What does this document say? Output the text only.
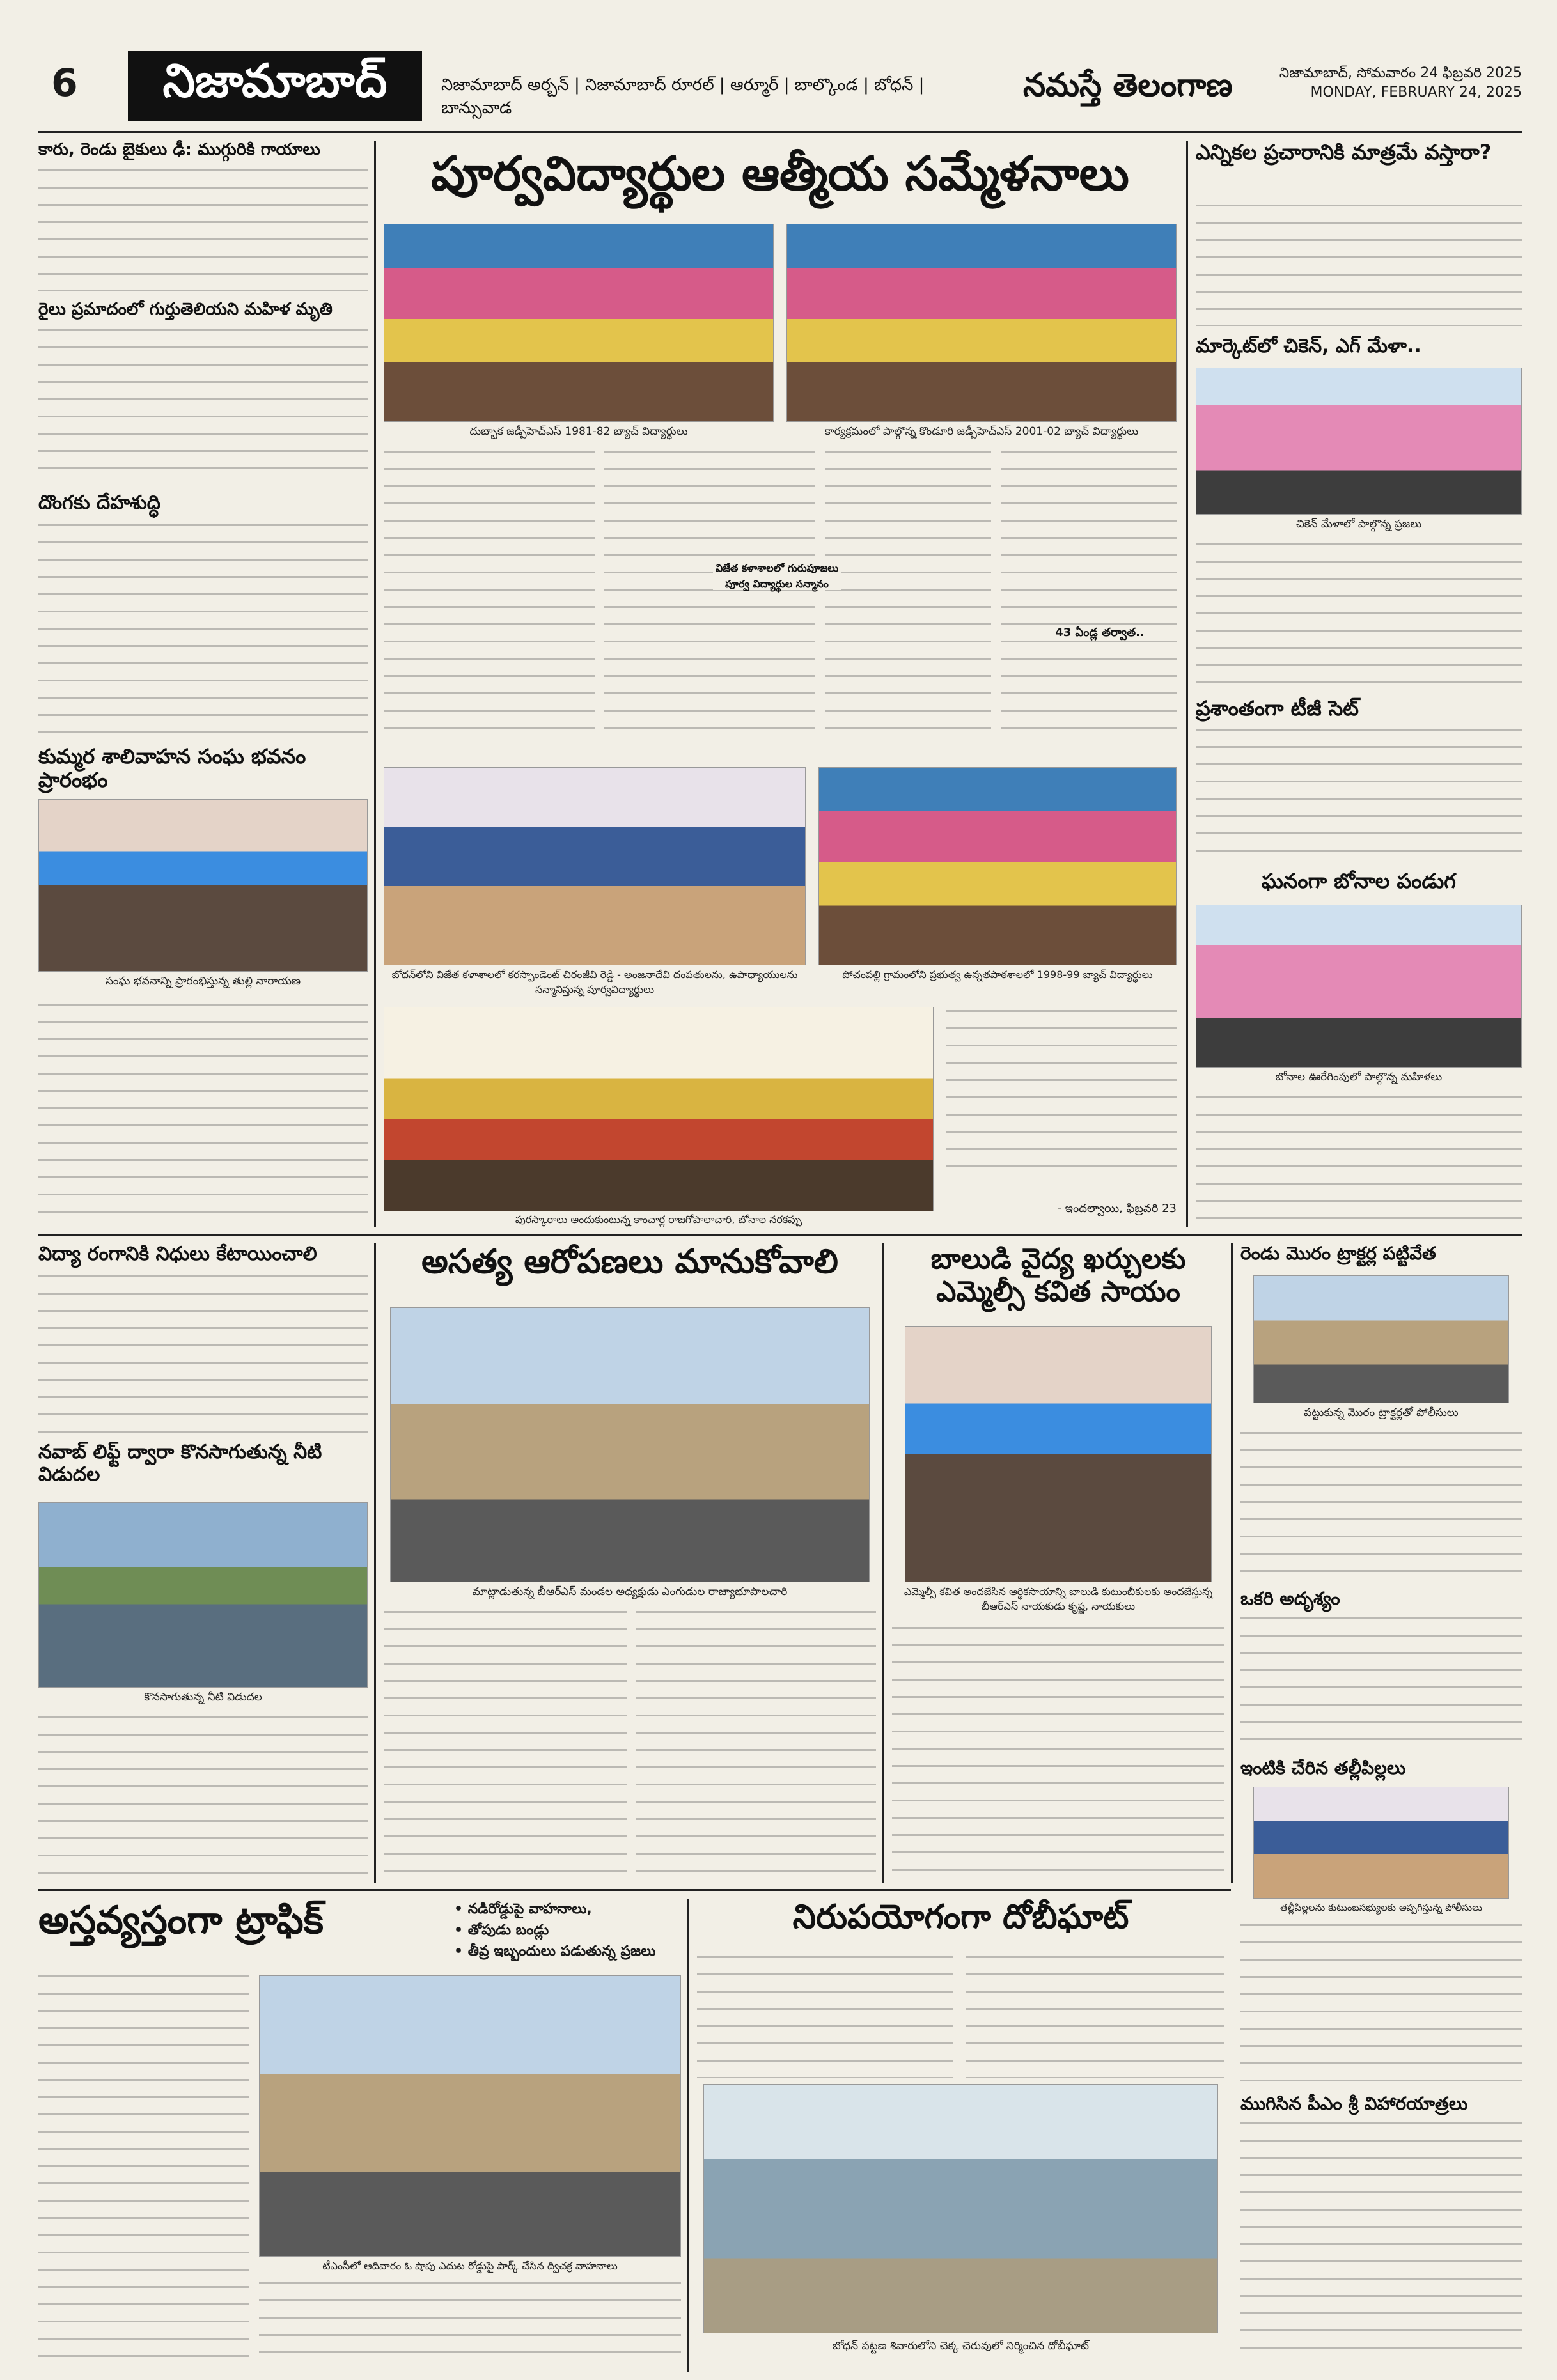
6	నిజామాబాద్	నిజామాబాద్ అర్బన్ | నిజామాబాద్ రూరల్ | ఆర్మూర్ | బాల్కొండ | బోధన్ | బాన్సువాడ
నమస్తే తెలంగాణ	నిజామాబాద్, సోమవారం 24 ఫిబ్రవరి 2025
MONDAY, FEBRUARY 24, 2025
కారు, రెండు బైకులు ఢీ: ముగ్గురికి గాయాలు
రైలు ప్రమాదంలో గుర్తుతెలియని మహిళ మృతి
దొంగకు దేహశుద్ధి
కుమ్మర శాలివాహన సంఘ భవనం ప్రారంభం
సంఘ భవనాన్ని ప్రారంభిస్తున్న తుల్లి నారాయణ
పూర్వవిద్యార్థుల ఆత్మీయ సమ్మేళనాలు
దుబ్బాక జడ్పీహెచ్ఎస్ 1981-82 బ్యాచ్ విద్యార్థులు	కార్యక్రమంలో పాల్గొన్న కొండూరి జడ్పీహెచ్ఎస్ 2001-02 బ్యాచ్ విద్యార్థులు
విజేత కళాశాలలో గురుపూజలు
పూర్వ విద్యార్థుల సన్మానం
43 ఏండ్ల తర్వాత..
బోధన్‌లోని విజేత కళాశాలలో కరస్పాండెంట్ చిరంజీవి రెడ్డి - అంజనాదేవి దంపతులను, ఉపాధ్యాయులను సన్మానిస్తున్న పూర్వవిద్యార్థులు
పోచంపల్లి గ్రామంలోని ప్రభుత్వ ఉన్నతపాఠశాలలో 1998-99 బ్యాచ్ విద్యార్థులు
పురస్కారాలు అందుకుంటున్న కాంచార్ల రాజగోపాలాచారి, బోనాల నరకప్పు
- ఇందల్వాయి, ఫిబ్రవరి 23
ఎన్నికల ప్రచారానికి మాత్రమే వస్తారా?
మార్కెట్‌లో చికెన్, ఎగ్ మేళా..
చికెన్ మేళాలో పాల్గొన్న ప్రజలు
ప్రశాంతంగా టీజీ సెట్
ఘనంగా బోనాల పండుగ
బోనాల ఊరేగింపులో పాల్గొన్న మహిళలు
విద్యా రంగానికి నిధులు కేటాయించాలి
నవాబ్ లిఫ్ట్ ద్వారా కొనసాగుతున్న నీటి విడుదల
కొనసాగుతున్న నీటి విడుదల
అసత్య ఆరోపణలు మానుకోవాలి
మాట్లాడుతున్న బీఆర్ఎస్ మండల అధ్యక్షుడు ఎంగుడుల రాజ్యాభూపాలచారి
బాలుడి వైద్య ఖర్చులకు ఎమ్మెల్సీ కవిత సాయం
ఎమ్మెల్సీ కవిత అందజేసిన ఆర్థికసాయాన్ని బాలుడి కుటుంబీకులకు అందజేస్తున్న బీఆర్ఎస్ నాయకుడు కృష్ణ, నాయకులు
రెండు మొరం ట్రాక్టర్ల పట్టివేత
పట్టుకున్న మొరం ట్రాక్టర్లతో పోలీసులు
ఒకరి అదృశ్యం
ఇంటికి చేరిన తల్లీపిల్లలు
తల్లీపిల్లలను కుటుంబసభ్యులకు అప్పగిస్తున్న పోలీసులు
ముగిసిన పీఎం శ్రీ విహారయాత్రలు
అస్తవ్యస్తంగా ట్రాఫిక్	• నడిరోడ్డుపై వాహనాలు,
• తోపుడు బండ్లు
• తీవ్ర ఇబ్బందులు పడుతున్న ప్రజలు
టీఎంసీలో ఆదివారం ఓ షాపు ఎదుట రోడ్డుపై పార్క్ చేసిన ద్విచక్ర వాహనాలు
నిరుపయోగంగా దోబీఘాట్
బోధన్ పట్టణ శివారులోని చెక్క చెరువులో నిర్మించిన దోబీఘాట్
